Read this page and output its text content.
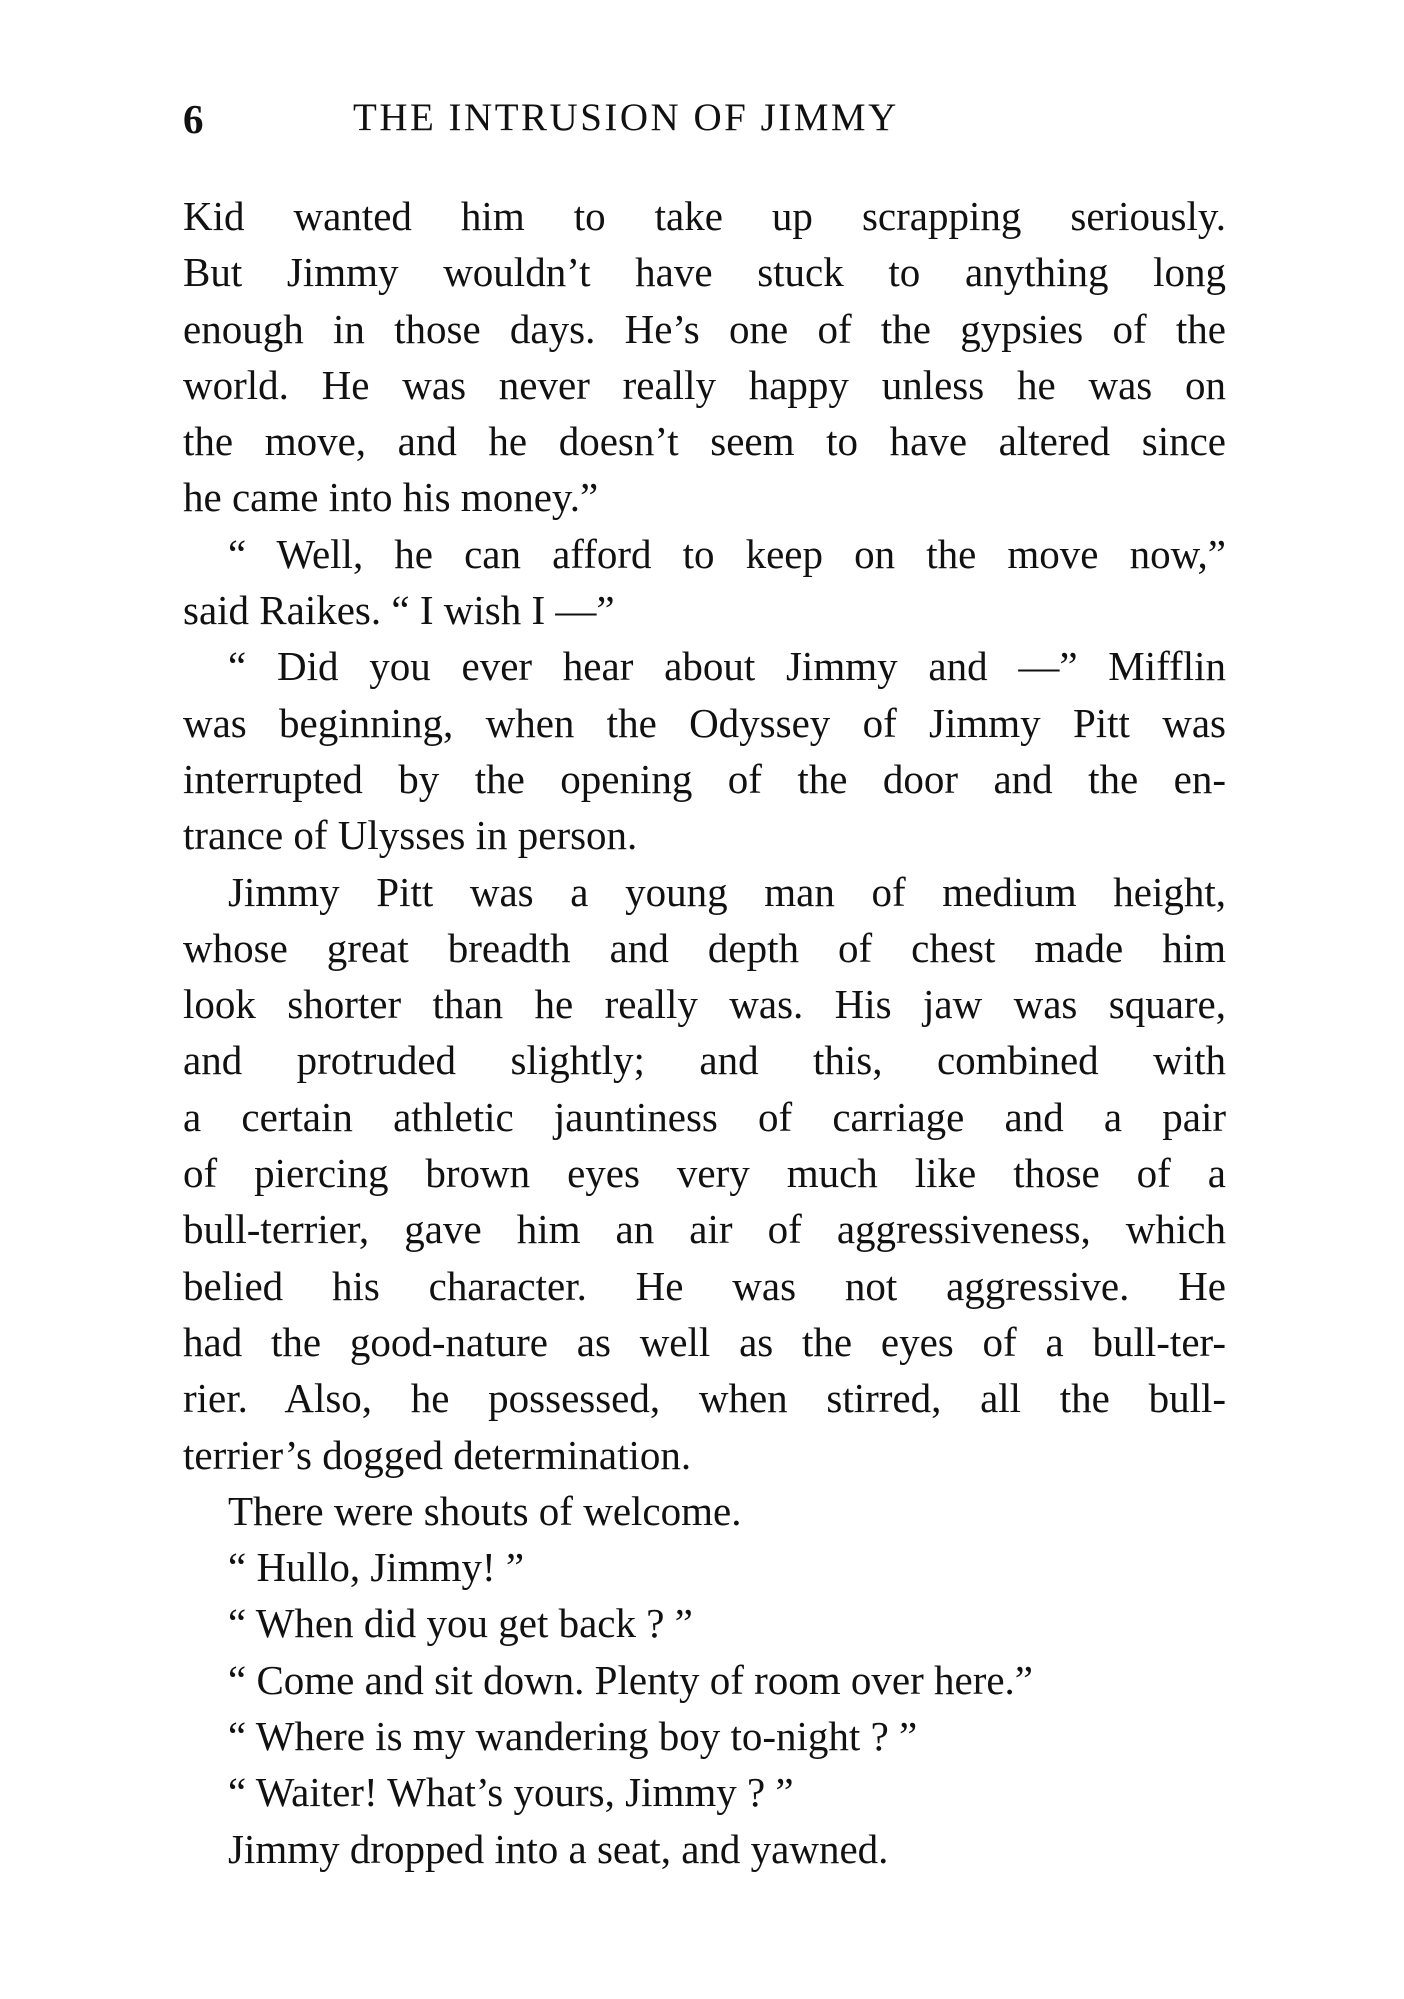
6	THE INTRUSION OF JIMMY
Kid wanted him to take up scrapping seriously.
But Jimmy wouldn’t have stuck to anything long
enough in those days. He’s one of the gypsies of the
world. He was never really happy unless he was on
the move, and he doesn’t seem to have altered since
he came into his money.”
“ Well, he can afford to keep on the move now,”
said Raikes. “ I wish I —”
“ Did you ever hear about Jimmy and —” Mifflin
was beginning, when the Odyssey of Jimmy Pitt was
interrupted by the opening of the door and the en-
trance of Ulysses in person.
Jimmy Pitt was a young man of medium height,
whose great breadth and depth of chest made him
look shorter than he really was. His jaw was square,
and protruded slightly; and this, combined with
a certain athletic jauntiness of carriage and a pair
of piercing brown eyes very much like those of a
bull-terrier, gave him an air of aggressiveness, which
belied his character. He was not aggressive. He
had the good-nature as well as the eyes of a bull-ter-
rier. Also, he possessed, when stirred, all the bull-
terrier’s dogged determination.
There were shouts of welcome.
“ Hullo, Jimmy! ”
“ When did you get back ? ”
“ Come and sit down. Plenty of room over here.”
“ Where is my wandering boy to-night ? ”
“ Waiter! What’s yours, Jimmy ? ”
Jimmy dropped into a seat, and yawned.
